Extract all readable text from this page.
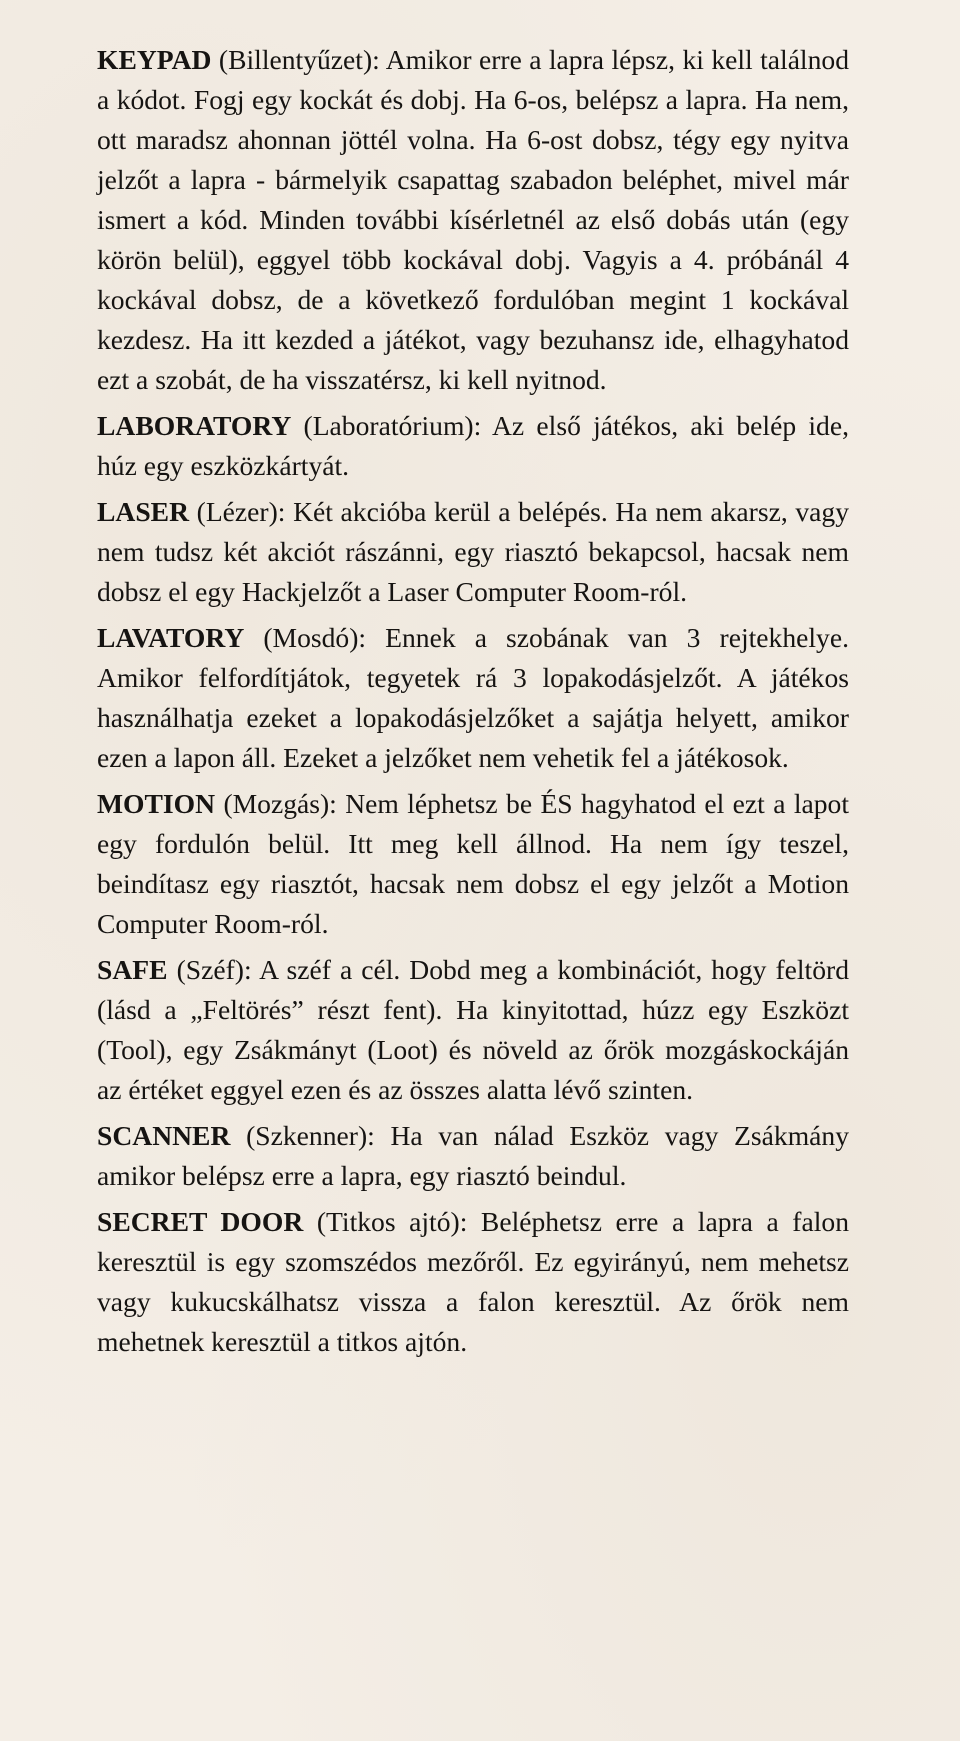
KEYPAD (Billentyűzet): Amikor erre a lapra lépsz, ki kell találnod a kódot. Fogj egy kockát és dobj. Ha 6-os, belépsz a lapra. Ha nem, ott maradsz ahonnan jöttél volna. Ha 6-ost dobsz, tégy egy nyitva jelzőt a lapra - bármelyik csapattag szabadon beléphet, mivel már ismert a kód. Minden további kísérletnél az első dobás után (egy körön belül), eggyel több kockával dobj. Vagyis a 4. próbánál 4 kockával dobsz, de a következő fordulóban megint 1 kockával kezdesz. Ha itt kezded a játékot, vagy bezuhansz ide, elhagyhatod ezt a szobát, de ha visszatérsz, ki kell nyitnod.

LABORATORY (Laboratórium): Az első játékos, aki belép ide, húz egy eszközkártyát.

LASER (Lézer): Két akcióba kerül a belépés. Ha nem akarsz, vagy nem tudsz két akciót rászánni, egy riasztó bekapcsol, hacsak nem dobsz el egy Hackjelzőt a Laser Computer Room-ról.

LAVATORY (Mosdó): Ennek a szobának van 3 rejtekhelye. Amikor felfordítjátok, tegyetek rá 3 lopakodásjelzőt. A játékos használhatja ezeket a lopakodásjelzőket a sajátja helyett, amikor ezen a lapon áll. Ezeket a jelzőket nem vehetik fel a játékosok.

MOTION (Mozgás): Nem léphetsz be ÉS hagyhatod el ezt a lapot egy fordulón belül. Itt meg kell állnod. Ha nem így teszel, beindítasz egy riasztót, hacsak nem dobsz el egy jelzőt a Motion Computer Room-ról.

SAFE (Széf): A széf a cél. Dobd meg a kombinációt, hogy feltörd (lásd a „Feltörés” részt fent). Ha kinyitottad, húzz egy Eszközt (Tool), egy Zsákmányt (Loot) és növeld az őrök mozgáskockáján az értéket eggyel ezen és az összes alatta lévő szinten.

SCANNER (Szkenner): Ha van nálad Eszköz vagy Zsákmány amikor belépsz erre a lapra, egy riasztó beindul.

SECRET DOOR (Titkos ajtó): Beléphetsz erre a lapra a falon keresztül is egy szomszédos mezőről. Ez egyirányú, nem mehetsz vagy kukucskálhatsz vissza a falon keresztül. Az őrök nem mehetnek keresztül a titkos ajtón.
